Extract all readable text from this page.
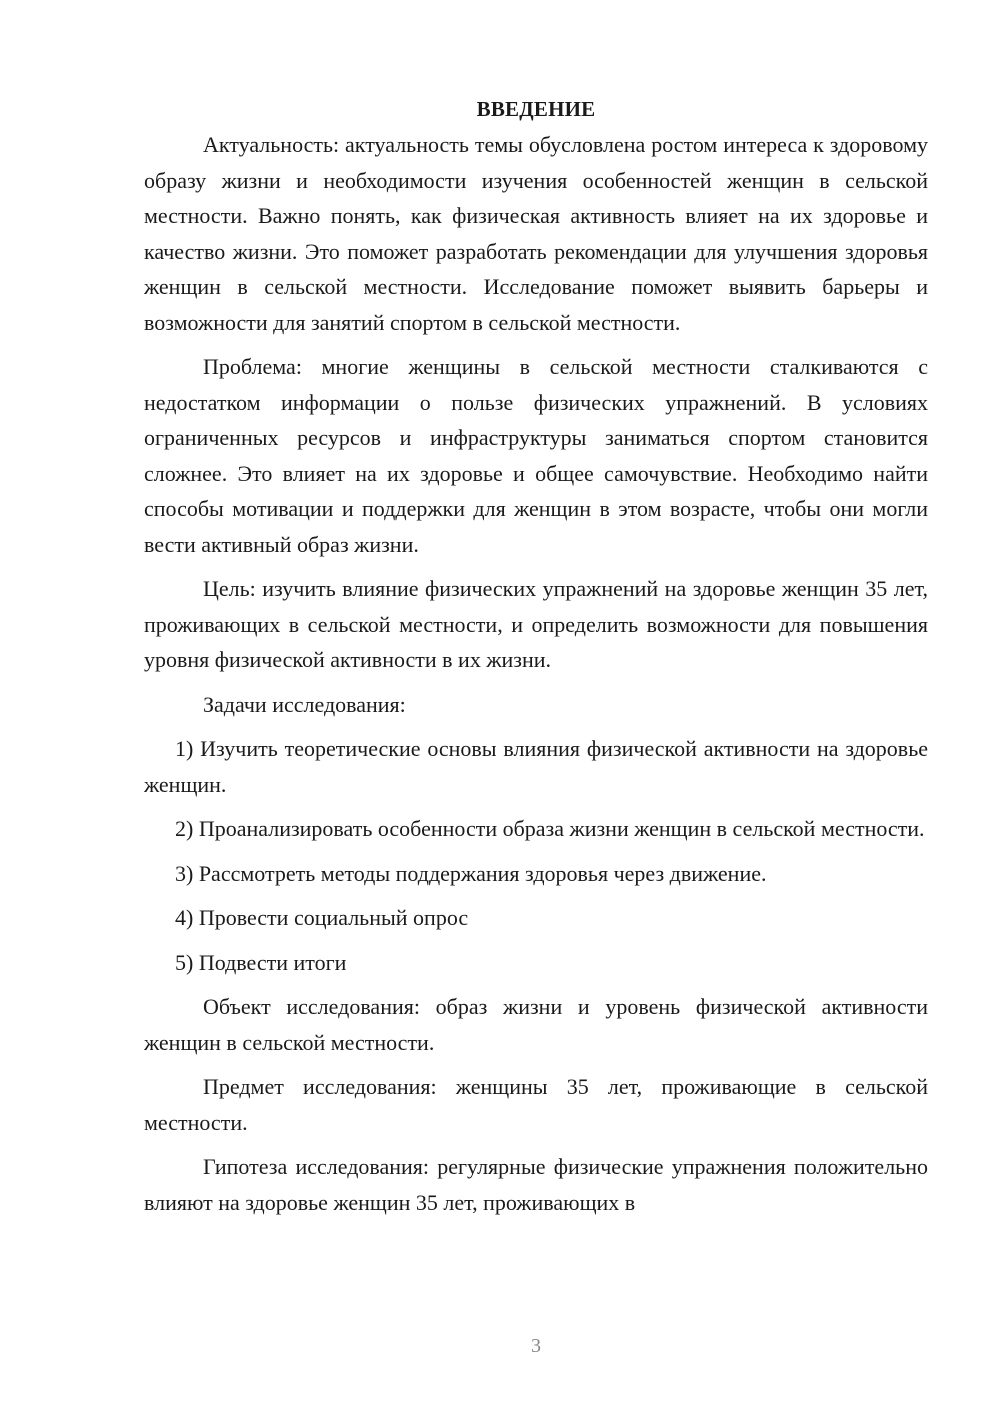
ВВЕДЕНИЕ

Актуальность: актуальность темы обусловлена ростом интереса к здоровому образу жизни и необходимости изучения особенностей женщин в сельской местности. Важно понять, как физическая активность влияет на их здоровье и качество жизни. Это поможет разработать рекомендации для улучшения здоровья женщин в сельской местности. Исследование поможет выявить барьеры и возможности для занятий спортом в сельской местности.

Проблема: многие женщины в сельской местности сталкиваются с недостатком информации о пользе физических упражнений. В условиях ограниченных ресурсов и инфраструктуры заниматься спортом становится сложнее. Это влияет на их здоровье и общее самочувствие. Необходимо найти способы мотивации и поддержки для женщин в этом возрасте, чтобы они могли вести активный образ жизни.

Цель: изучить влияние физических упражнений на здоровье женщин 35 лет, проживающих в сельской местности, и определить возможности для повышения уровня физической активности в их жизни.

Задачи исследования:

1) Изучить теоретические основы влияния физической активности на здоровье женщин.

2) Проанализировать особенности образа жизни женщин в сельской местности.

3) Рассмотреть методы поддержания здоровья через движение.

4) Провести социальный опрос

5) Подвести итоги

Объект исследования: образ жизни и уровень физической активности женщин в сельской местности.

Предмет исследования: женщины 35 лет, проживающие в сельской местности.

Гипотеза исследования: регулярные физические упражнения положительно влияют на здоровье женщин 35 лет, проживающих в

3
